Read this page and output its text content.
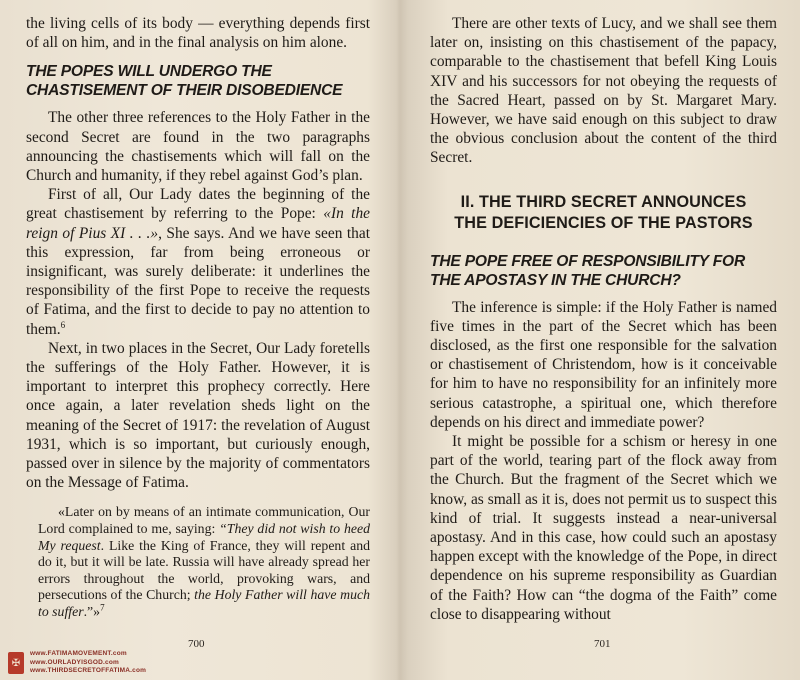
the living cells of its body — everything depends first of all on him, and in the final analysis on him alone.

THE POPES WILL UNDERGO THE CHASTISEMENT OF THEIR DISOBEDIENCE

The other three references to the Holy Father in the second Secret are found in the two paragraphs announcing the chastisements which will fall on the Church and humanity, if they rebel against God’s plan.

First of all, Our Lady dates the beginning of the great chastisement by referring to the Pope: «In the reign of Pius XI . . .», She says. And we have seen that this expression, far from being erroneous or insignificant, was surely deliberate: it underlines the responsibility of the first Pope to receive the requests of Fatima, and the first to decide to pay no attention to them.$^6$

Next, in two places in the Secret, Our Lady foretells the sufferings of the Holy Father. However, it is important to interpret this prophecy correctly. Here once again, a later revelation sheds light on the meaning of the Secret of 1917: the revelation of August 1931, which is so important, but curiously enough, passed over in silence by the majority of commentators on the Message of Fatima.

«Later on by means of an intimate communication, Our Lord complained to me, saying: “They did not wish to heed My request. Like the King of France, they will repent and do it, but it will be late. Russia will have already spread her errors throughout the world, provoking wars, and persecutions of the Church; the Holy Father will have much to suffer.”»$^7$

700

There are other texts of Lucy, and we shall see them later on, insisting on this chastisement of the papacy, comparable to the chastisement that befell King Louis XIV and his successors for not obeying the requests of the Sacred Heart, passed on by St. Margaret Mary. However, we have said enough on this subject to draw the obvious conclusion about the content of the third Secret.

II. THE THIRD SECRET ANNOUNCES
THE DEFICIENCIES OF THE PASTORS
THE POPE FREE OF RESPONSIBILITY FOR THE APOSTASY IN THE CHURCH?

The inference is simple: if the Holy Father is named five times in the part of the Secret which has been disclosed, as the first one responsible for the salvation or chastisement of Christendom, how is it conceivable for him to have no responsibility for an infinitely more serious catastrophe, a spiritual one, which therefore depends on his direct and immediate power?

It might be possible for a schism or heresy in one part of the world, tearing part of the flock away from the Church. But the fragment of the Secret which we know, as small as it is, does not permit us to suspect this kind of trial. It suggests instead a near-universal apostasy. And in this case, how could such an apostasy happen except with the knowledge of the Pope, in direct dependence on his supreme responsibility as Guardian of the Faith? How can “the dogma of the Faith” come close to disappearing without

701
✠
www.FATIMAMOVEMENT.com
www.OURLADYISGOD.com
www.THIRDSECRETOFFATIMA.com
